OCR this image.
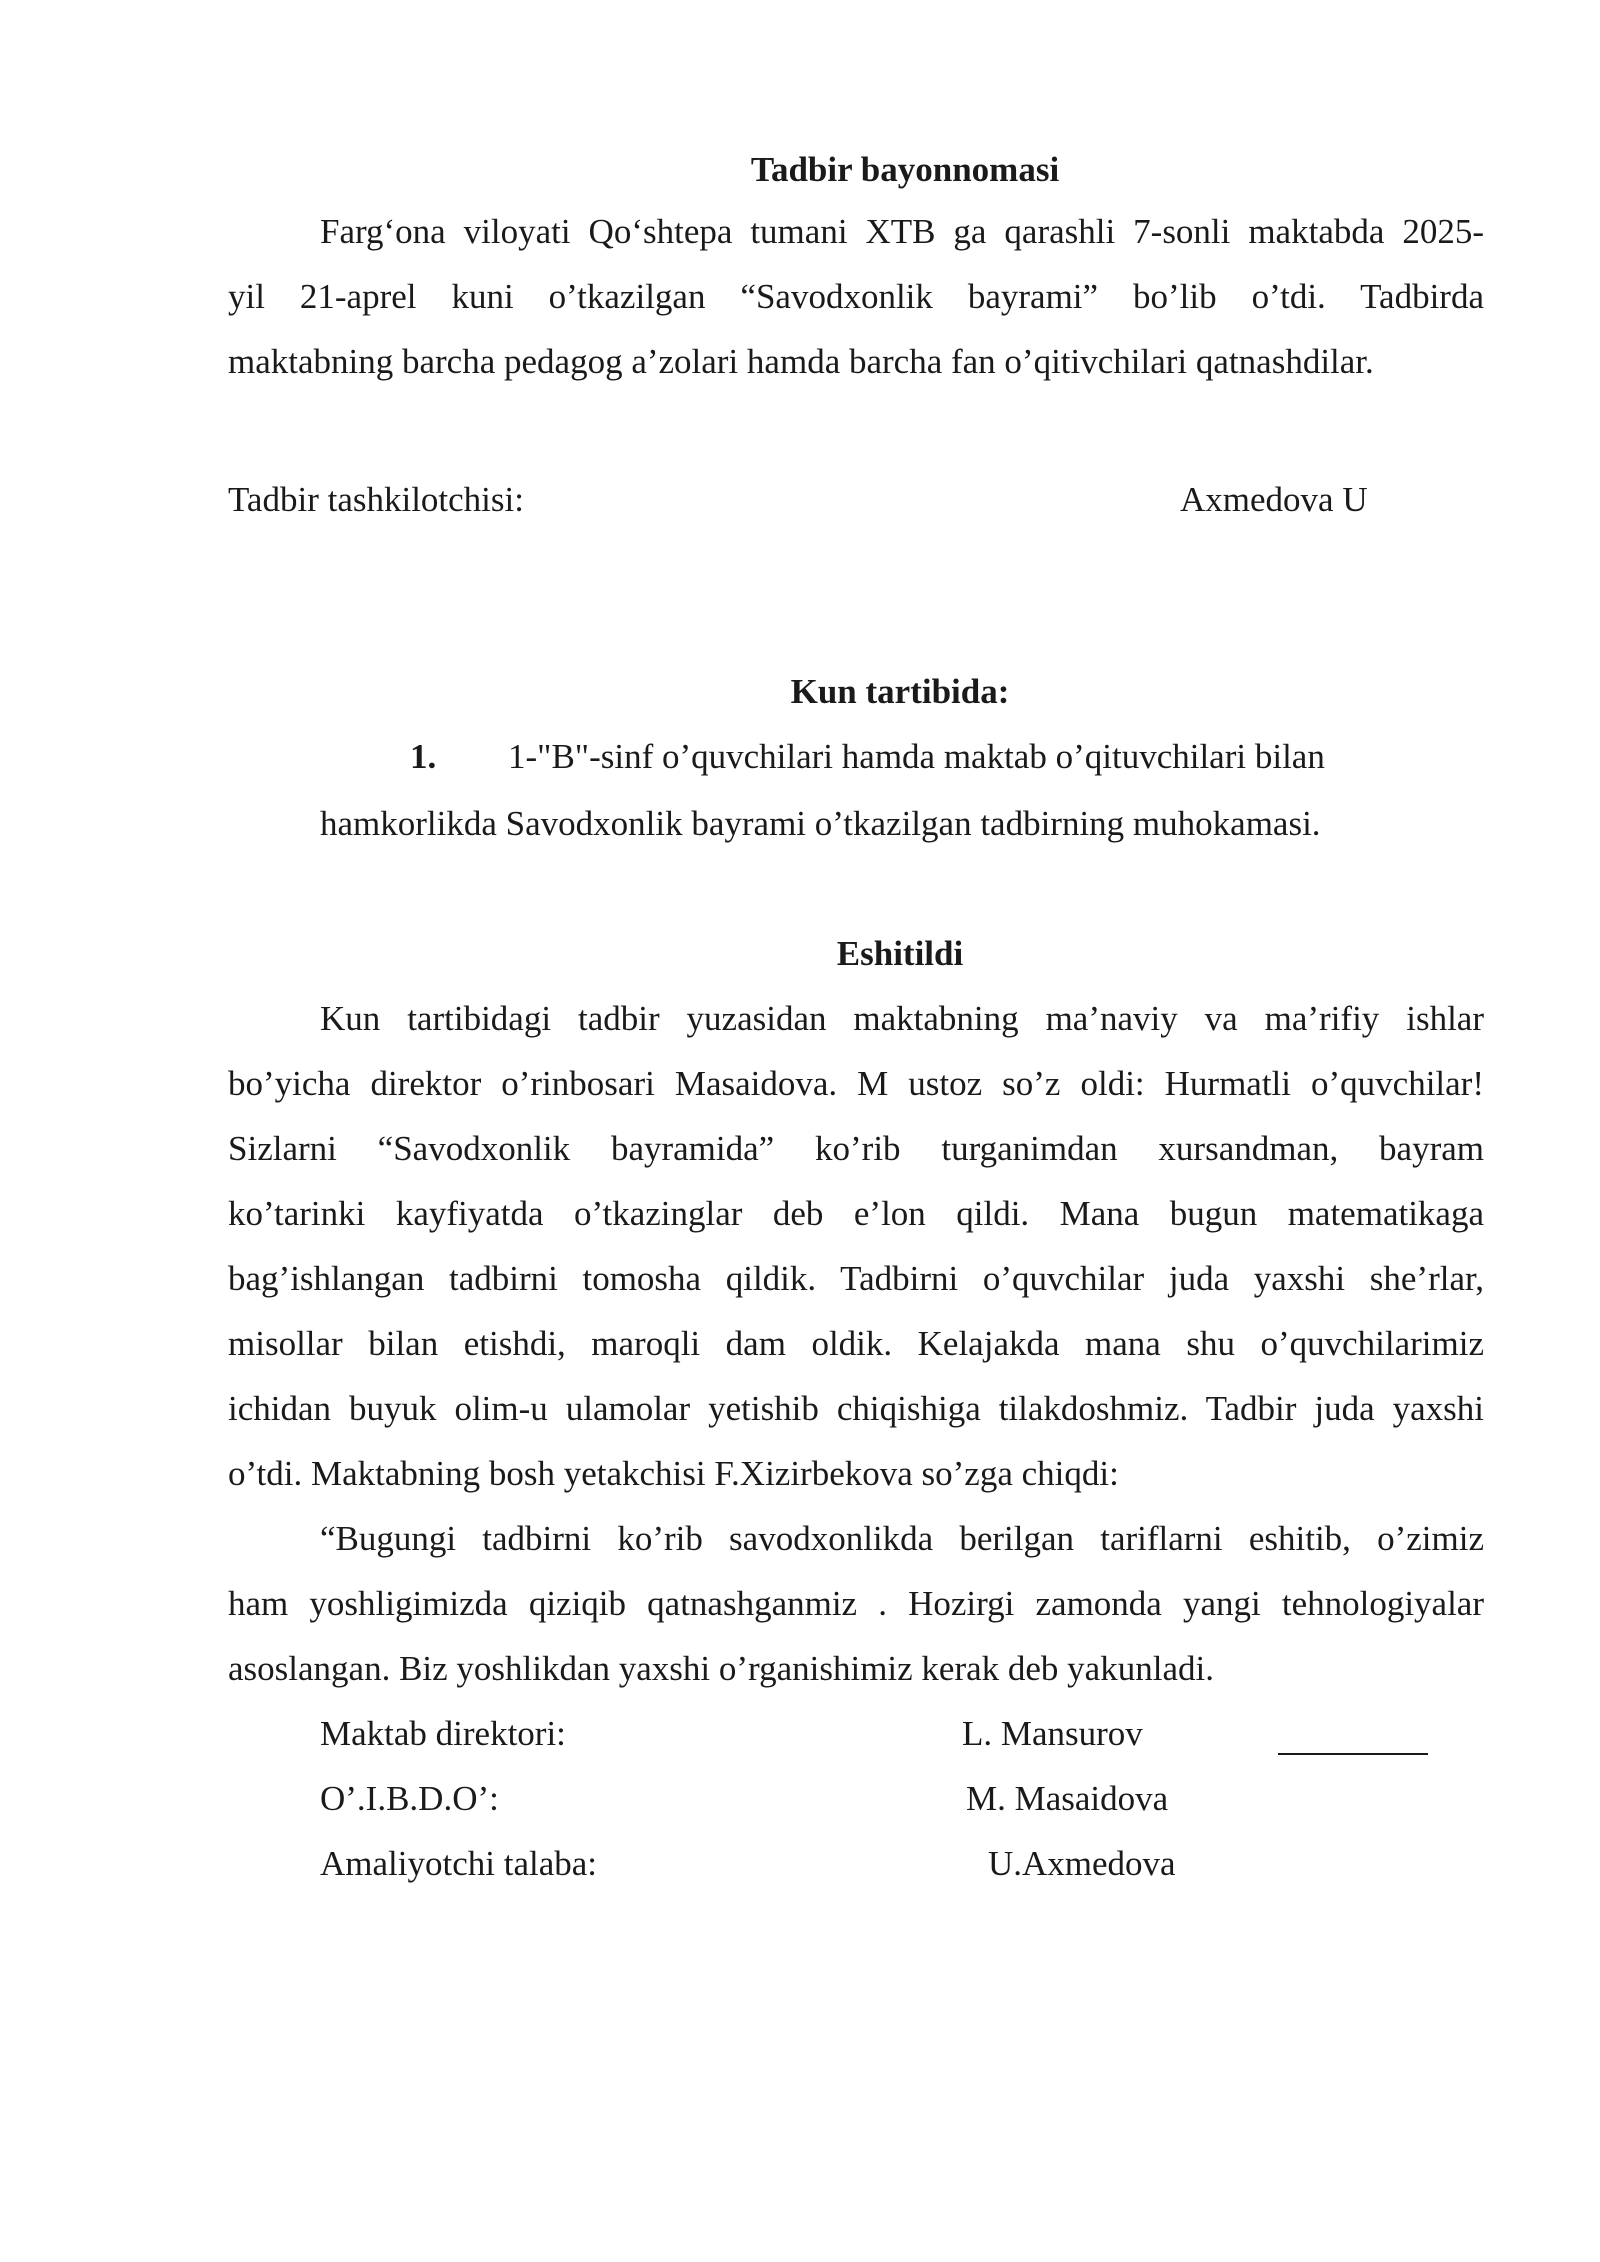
Tadbir bayonnomasi
Farg‘ona viloyati Qo‘shtepa tumani XTB ga qarashli 7-sonli maktabda 2025-
yil 21-aprel kuni o’tkazilgan “Savodxonlik bayrami” bo’lib o’tdi. Tadbirda
maktabning barcha pedagog a’zolari hamda barcha fan o’qitivchilari qatnashdilar.
Tadbir tashkilotchisi:	Axmedova U
Kun tartibida:
1. 1-"B"-sinf o’quvchilari hamda maktab o’qituvchilari bilan
hamkorlikda Savodxonlik bayrami o’tkazilgan tadbirning muhokamasi.
Eshitildi
Kun tartibidagi tadbir yuzasidan maktabning ma’naviy va ma’rifiy ishlar
bo’yicha direktor o’rinbosari Masaidova. M ustoz so’z oldi: Hurmatli o’quvchilar!
Sizlarni “Savodxonlik bayramida” ko’rib turganimdan xursandman, bayram
ko’tarinki kayfiyatda o’tkazinglar deb e’lon qildi. Mana bugun matematikaga
bag’ishlangan tadbirni tomosha qildik. Tadbirni o’quvchilar juda yaxshi she’rlar,
misollar bilan etishdi, maroqli dam oldik. Kelajakda mana shu o’quvchilarimiz
ichidan buyuk olim-u ulamolar yetishib chiqishiga tilakdoshmiz. Tadbir juda yaxshi
o’tdi. Maktabning bosh yetakchisi F.Xizirbekova so’zga chiqdi:
“Bugungi tadbirni ko’rib savodxonlikda berilgan tariflarni eshitib, o’zimiz
ham yoshligimizda qiziqib qatnashganmiz . Hozirgi zamonda yangi tehnologiyalar
asoslangan. Biz yoshlikdan yaxshi o’rganishimiz kerak deb yakunladi.
Maktab direktori:	L. Mansurov
O’.I.B.D.O’:	M. Masaidova
Amaliyotchi talaba:	U.Axmedova
